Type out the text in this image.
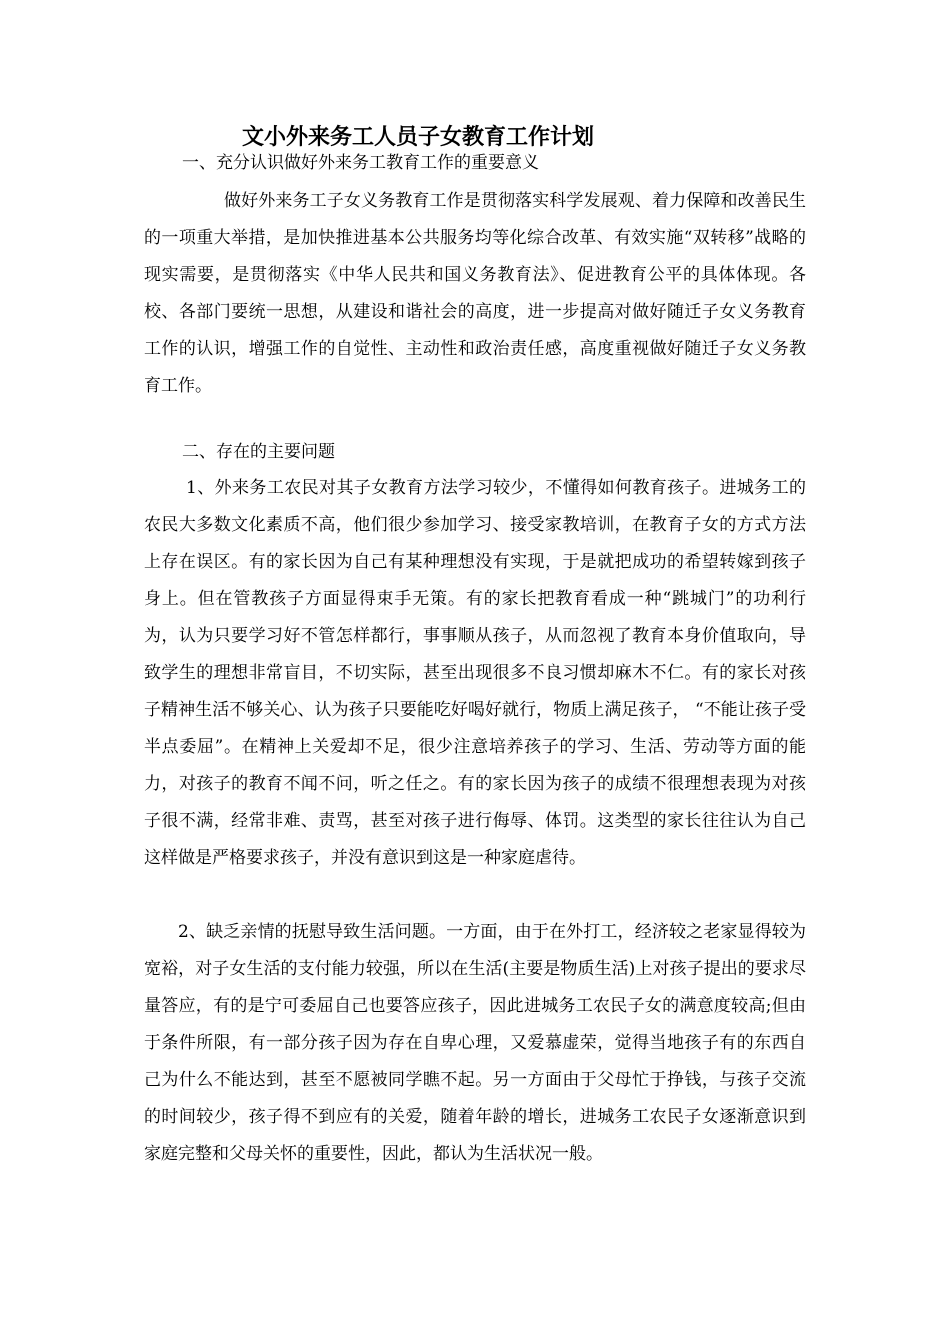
文小外来务工人员子女教育工作计划

一、充分认识做好外来务工教育工作的重要意义

做好外来务工子女义务教育工作是贯彻落实科学发展观、着力保障和改善民生的一项重大举措，是加快推进基本公共服务均等化综合改革、有效实施“双转移”战略的现实需要，是贯彻落实《中华人民共和国义务教育法》、促进教育公平的具体体现。各校、各部门要统一思想，从建设和谐社会的高度，进一步提高对做好随迁子女义务教育工作的认识，增强工作的自觉性、主动性和政治责任感，高度重视做好随迁子女义务教育工作。

二、存在的主要问题

1、外来务工农民对其子女教育方法学习较少，不懂得如何教育孩子。进城务工的农民大多数文化素质不高，他们很少参加学习、接受家教培训，在教育子女的方式方法上存在误区。有的家长因为自己有某种理想没有实现，于是就把成功的希望转嫁到孩子身上。但在管教孩子方面显得束手无策。有的家长把教育看成一种“跳城门”的功利行为，认为只要学习好不管怎样都行，事事顺从孩子，从而忽视了教育本身价值取向，导致学生的理想非常盲目，不切实际，甚至出现很多不良习惯却麻木不仁。有的家长对孩子精神生活不够关心、认为孩子只要能吃好喝好就行，物质上满足孩子， “不能让孩子受半点委屈”。在精神上关爱却不足，很少注意培养孩子的学习、生活、劳动等方面的能力，对孩子的教育不闻不问，听之任之。有的家长因为孩子的成绩不很理想表现为对孩子很不满，经常非难、责骂，甚至对孩子进行侮辱、体罚。这类型的家长往往认为自己这样做是严格要求孩子，并没有意识到这是一种家庭虐待。

2、缺乏亲情的抚慰导致生活问题。一方面，由于在外打工，经济较之老家显得较为宽裕，对子女生活的支付能力较强，所以在生活(主要是物质生活)上对孩子提出的要求尽量答应，有的是宁可委屈自己也要答应孩子，因此进城务工农民子女的满意度较高;但由于条件所限，有一部分孩子因为存在自卑心理，又爱慕虚荣，觉得当地孩子有的东西自己为什么不能达到，甚至不愿被同学瞧不起。另一方面由于父母忙于挣钱，与孩子交流的时间较少，孩子得不到应有的关爱，随着年龄的增长，进城务工农民子女逐渐意识到家庭完整和父母关怀的重要性，因此，都认为生活状况一般。
